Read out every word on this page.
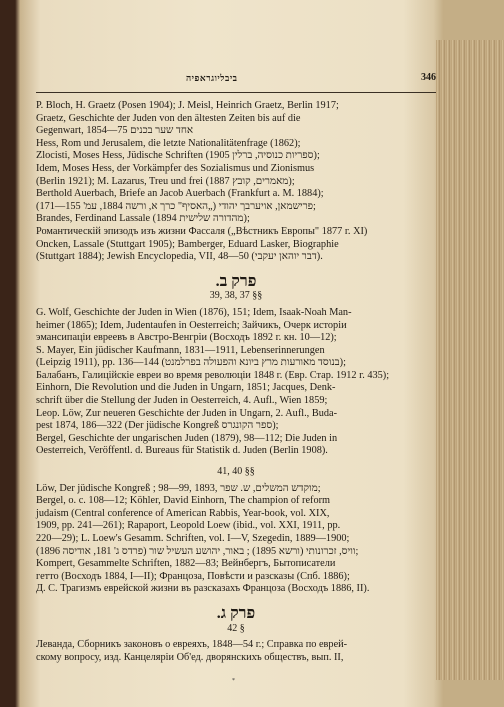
ביבליוגראפיה	346

P. Bloch, H. Graetz (Posen 1904); J. Meisl, Heinrich Graetz, Berlin 1917;

Graetz, Geschichte der Juden von den ältesten Zeiten bis auf die

Gegenwart, 1854—75 אחד שער בכנים

Hess, Rom und Jerusalem, die letzte Nationalitätenfrage (1862);

Zlocisti, Moses Hess, Jüdische Schriften (1905 ספריות כנוסיה, ברלין);

Idem, Moses Hess, der Vorkämpfer des Sozialismus und Zionismus

(Berlin 1921); M. Lazarus, Treu und frei (1887 מאמרים, קובץ);

Berthold Auerbach, Briefe an Jacob Auerbach (Frankfurt a. M. 1884);

פרישמאן, אויערבך יהודי („האסיף" כרך א, ורשה 1884, עמ' 155—171);

Brandes, Ferdinand Lassale (1894 מהדורה שלישית);

Романтическій эпизодъ изъ жизни Фассаля („Вѣстникъ Европы" 1877 г. XI)

Oncken, Lassale (Stuttgart 1905); Bamberger, Eduard Lasker, Biographie

(Stuttgart 1884); Jewish Encyclopedia, VII, 48—50 (דבר יוהאן יעקבי).

פרק ב.
39, 38, 37 §§

G. Wolf, Geschichte der Juden in Wien (1876), 151; Idem, Isaak-Noah Man-

heimer (1865); Idem, Judentaufen in Oesterreich; Зайчикъ, Очерк исторіи

эмансипаціи евреевъ в Австро-Венгріи (Восходъ 1892 г. кн. 10—12);

S. Mayer, Ein jüdischer Kaufmann, 1831—1911, Lebenserinnerungen

(Leipzig 1911), pp. 136—144 (בנוסד מאורעות מרץ ביונא והפעולה בפרלמנט);

Балабанъ, Галиційскіе евреи во время революціи 1848 г. (Евр. Стар. 1912 г. 435);

Einhorn, Die Revolution und die Juden in Ungarn, 1851; Jacques, Denk-

schrift über die Stellung der Juden in Oesterreich, 4. Aufl., Wien 1859;

Leop. Löw, Zur neueren Geschichte der Juden in Ungarn, 2. Aufl., Buda-

pest 1874, 186—322 (Der jüdische Kongreß ספר הקונגרס);

Bergel, Geschichte der ungarischen Juden (1879), 98—112; Die Juden in

Oesterreich, Veröffentl. d. Bureaus für Statistik d. Juden (Berlin 1908).

41, 40 §§

Löw, Der jüdische Kongreß ; 98—99, 1893, מוקדש המשלים, ש. שפר;

Bergel, o. c. 108—12; Köhler, David Einhorn, The champion of reform

judaism (Central conference of American Rabbis, Year-book, vol. XIX,

1909, pp. 241—261); Rapaport, Leopold Loew (ibid., vol. XXI, 1911, pp.

220—29); L. Loew's Gesamm. Schriften, vol. I—V, Szegedin, 1889—1900;

וויס, זכרונותי (ורשא 1895) ; באור, יהושע העשיל שור (פרדס ג' 181, אודיסה 1896);

Kompert, Gesammelte Schriften, 1882—83; Вейнбергъ, Бытописатели

гетто (Восходъ 1884, I—II); Францоза, Повѣсти и разсказы (Спб. 1886);

Д. С. Трагизмъ еврейской жизни въ разсказахъ Францоза (Восходъ 1886, II).

פרק ג.
42 §

Леванда, Сборникъ законовъ о евреяхъ, 1848—54 г.; Справка по еврей-

скому вопросу, изд. Канцеляріи Об'ед. дворянскихъ обществъ, вып. II,

*
